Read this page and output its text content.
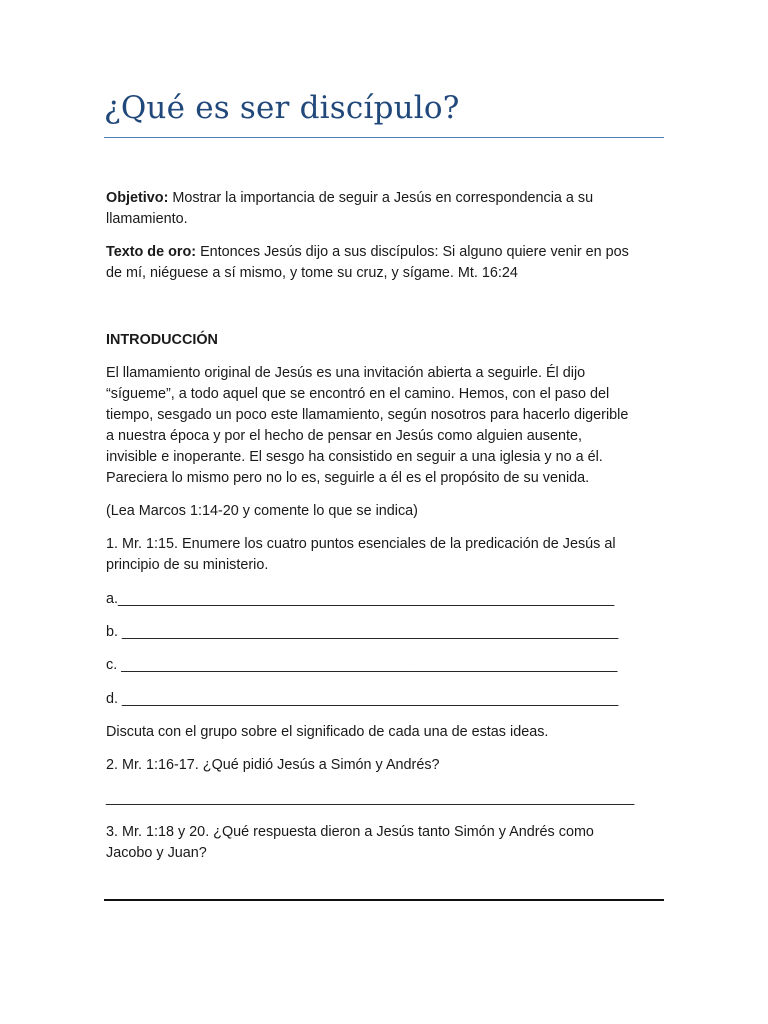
¿Qué es ser discípulo?
Objetivo: Mostrar la importancia de seguir a Jesús en correspondencia a su
llamamiento.
Texto de oro: Entonces Jesús dijo a sus discípulos: Si alguno quiere venir en pos
de mí, niéguese a sí mismo, y tome su cruz, y sígame. Mt. 16:24
INTRODUCCIÓN
El llamamiento original de Jesús es una invitación abierta a seguirle. Él dijo
“sígueme”, a todo aquel que se encontró en el camino. Hemos, con el paso del
tiempo, sesgado un poco este llamamiento, según nosotros para hacerlo digerible
a nuestra época y por el hecho de pensar en Jesús como alguien ausente,
invisible e inoperante. El sesgo ha consistido en seguir a una iglesia y no a él.
Pareciera lo mismo pero no lo es, seguirle a él es el propósito de su venida.
(Lea Marcos 1:14-20 y comente lo que se indica)
1. Mr. 1:15. Enumere los cuatro puntos esenciales de la predicación de Jesús al
principio de su ministerio.
a.______________________________________________________________
b. ______________________________________________________________
c. ______________________________________________________________
d. ______________________________________________________________
Discuta con el grupo sobre el significado de cada una de estas ideas.
2. Mr. 1:16-17. ¿Qué pidió Jesús a Simón y Andrés?
__________________________________________________________________
3. Mr. 1:18 y 20. ¿Qué respuesta dieron a Jesús tanto Simón y Andrés como
Jacobo y Juan?
